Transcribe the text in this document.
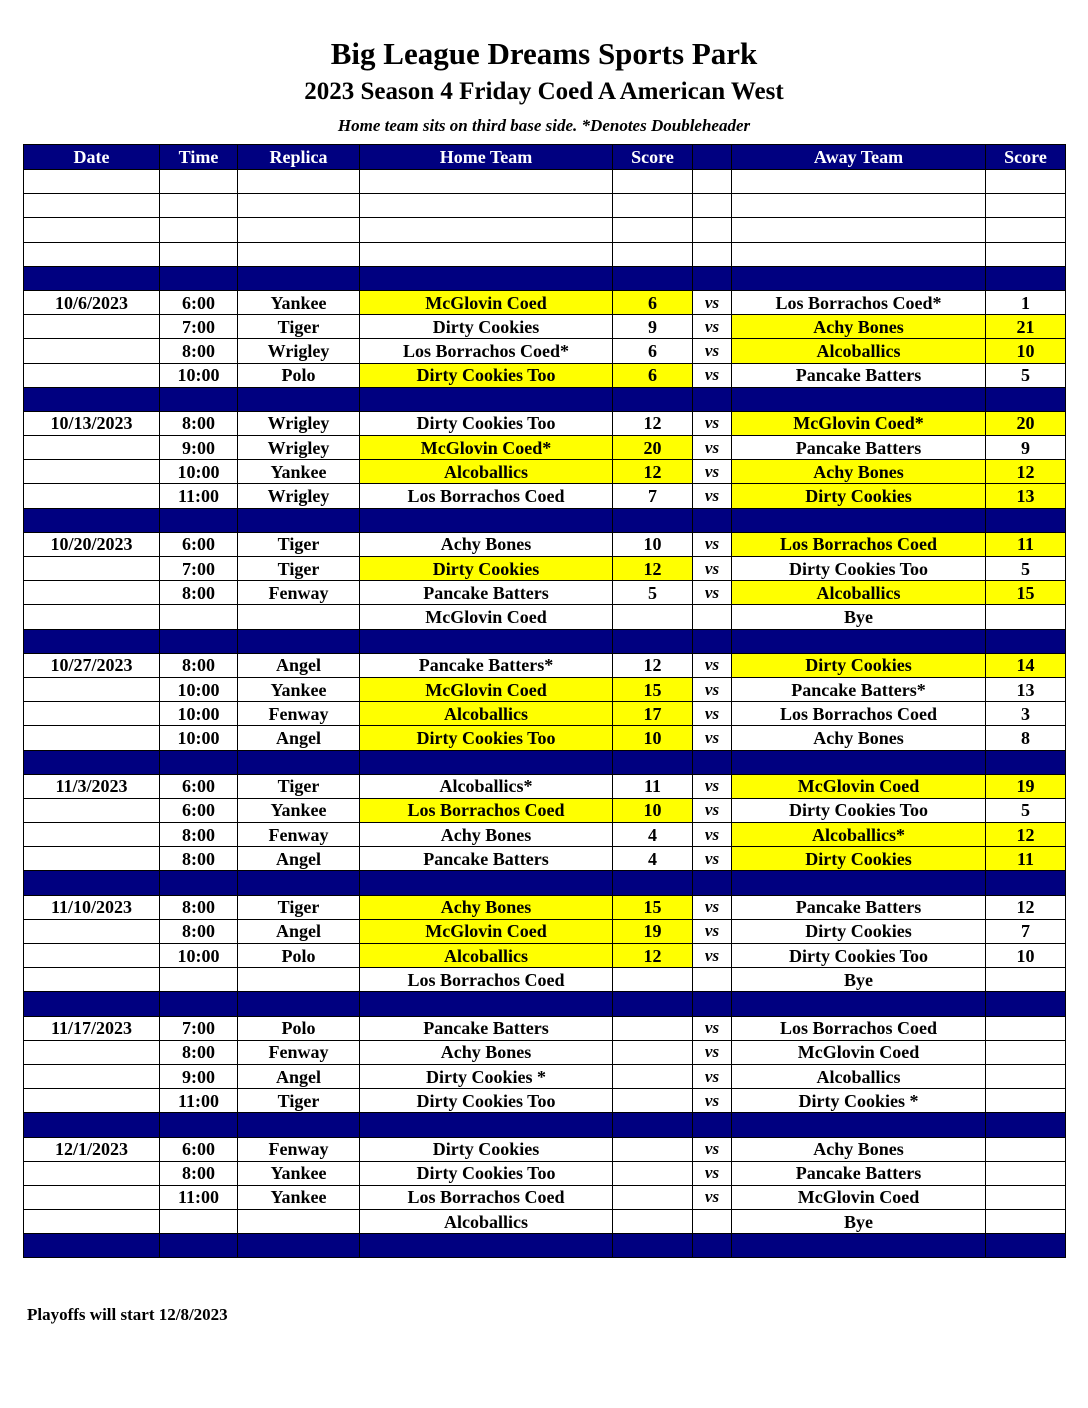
Big League Dreams Sports Park
2023 Season 4 Friday Coed A American West
Home team sits on third base side. *Denotes Doubleheader
Date	Time	Replica	Home Team	Score		Away Team	Score

10/6/2023	6:00	Yankee	McGlovin Coed	6	vs	Los Borrachos Coed*	1
	7:00	Tiger	Dirty Cookies	9	vs	Achy Bones	21
	8:00	Wrigley	Los Borrachos Coed*	6	vs	Alcoballics	10
	10:00	Polo	Dirty Cookies Too	6	vs	Pancake Batters	5

10/13/2023	8:00	Wrigley	Dirty Cookies Too	12	vs	McGlovin Coed*	20
	9:00	Wrigley	McGlovin Coed*	20	vs	Pancake Batters	9
	10:00	Yankee	Alcoballics	12	vs	Achy Bones	12
	11:00	Wrigley	Los Borrachos Coed	7	vs	Dirty Cookies	13

10/20/2023	6:00	Tiger	Achy Bones	10	vs	Los Borrachos Coed	11
	7:00	Tiger	Dirty Cookies	12	vs	Dirty Cookies Too	5
	8:00	Fenway	Pancake Batters	5	vs	Alcoballics	15
			McGlovin Coed			Bye	

10/27/2023	8:00	Angel	Pancake Batters*	12	vs	Dirty Cookies	14
	10:00	Yankee	McGlovin Coed	15	vs	Pancake Batters*	13
	10:00	Fenway	Alcoballics	17	vs	Los Borrachos Coed	3
	10:00	Angel	Dirty Cookies Too	10	vs	Achy Bones	8

11/3/2023	6:00	Tiger	Alcoballics*	11	vs	McGlovin Coed	19
	6:00	Yankee	Los Borrachos Coed	10	vs	Dirty Cookies Too	5
	8:00	Fenway	Achy Bones	4	vs	Alcoballics*	12
	8:00	Angel	Pancake Batters	4	vs	Dirty Cookies	11

11/10/2023	8:00	Tiger	Achy Bones	15	vs	Pancake Batters	12
	8:00	Angel	McGlovin Coed	19	vs	Dirty Cookies	7
	10:00	Polo	Alcoballics	12	vs	Dirty Cookies Too	10
			Los Borrachos Coed			Bye	

11/17/2023	7:00	Polo	Pancake Batters		vs	Los Borrachos Coed	
	8:00	Fenway	Achy Bones		vs	McGlovin Coed	
	9:00	Angel	Dirty Cookies *		vs	Alcoballics	
	11:00	Tiger	Dirty Cookies Too		vs	Dirty Cookies *	

12/1/2023	6:00	Fenway	Dirty Cookies		vs	Achy Bones	
	8:00	Yankee	Dirty Cookies Too		vs	Pancake Batters	
	11:00	Yankee	Los Borrachos Coed		vs	McGlovin Coed	
			Alcoballics			Bye	

Playoffs will start 12/8/2023
